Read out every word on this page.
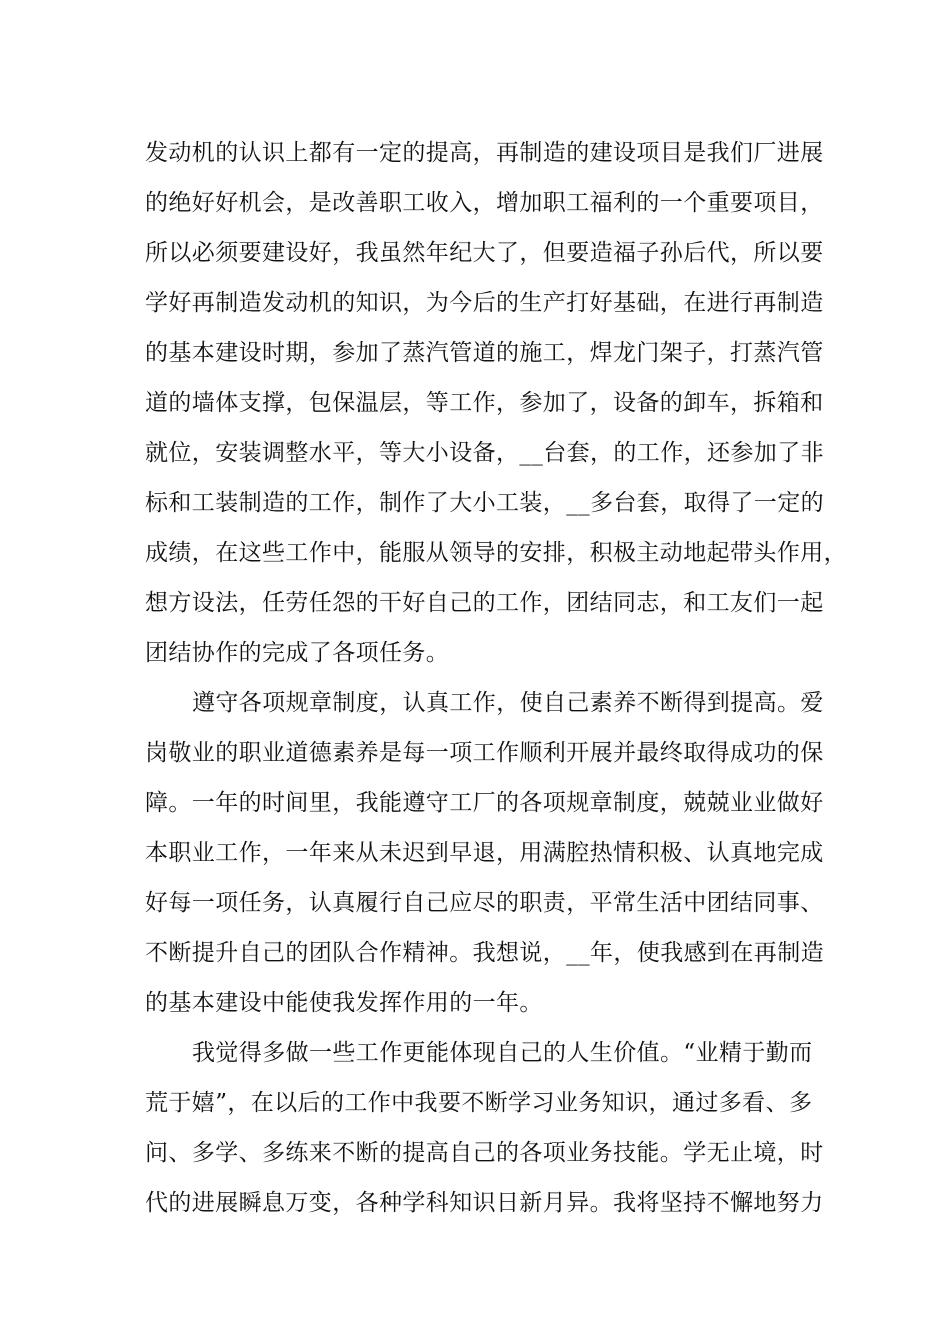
发动机的认识上都有一定的提高，再制造的建设项目是我们厂进展
的绝好好机会，是改善职工收入，增加职工福利的一个重要项目，
所以必须要建设好，我虽然年纪大了，但要造福子孙后代，所以要
学好再制造发动机的知识，为今后的生产打好基础，在进行再制造
的基本建设时期，参加了蒸汽管道的施工，焊龙门架子，打蒸汽管
道的墙体支撑，包保温层，等工作，参加了，设备的卸车，拆箱和
就位，安装调整水平，等大小设备，__台套，的工作，还参加了非
标和工装制造的工作，制作了大小工装，__多台套，取得了一定的
成绩，在这些工作中，能服从领导的安排，积极主动地起带头作用，
想方设法，任劳任怨的干好自己的工作，团结同志，和工友们一起
团结协作的完成了各项任务。
遵守各项规章制度，认真工作，使自己素养不断得到提高。爱
岗敬业的职业道德素养是每一项工作顺利开展并最终取得成功的保
障。一年的时间里，我能遵守工厂的各项规章制度，兢兢业业做好
本职业工作，一年来从未迟到早退，用满腔热情积极、认真地完成
好每一项任务，认真履行自己应尽的职责，平常生活中团结同事、
不断提升自己的团队合作精神。我想说，__年，使我感到在再制造
的基本建设中能使我发挥作用的一年。
我觉得多做一些工作更能体现自己的人生价值。“业精于勤而
荒于嬉”，在以后的工作中我要不断学习业务知识，通过多看、多
问、多学、多练来不断的提高自己的各项业务技能。学无止境，时
代的进展瞬息万变，各种学科知识日新月异。我将坚持不懈地努力
